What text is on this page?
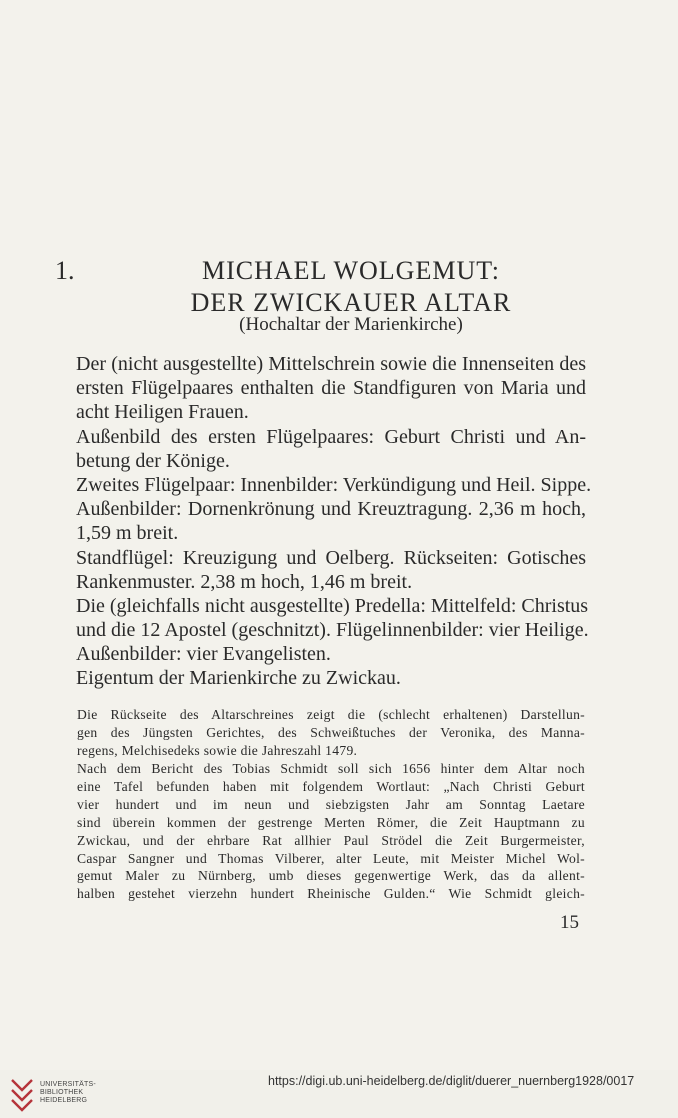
1.	MICHAEL WOLGEMUT:
DER ZWICKAUER ALTAR
(Hochaltar der Marienkirche)
Der (nicht ausgestellte) Mittelschrein sowie die Innenseiten des
ersten Flügelpaares enthalten die Standfiguren von Maria und
acht Heiligen Frauen.
Außenbild des ersten Flügelpaares: Geburt Christi und An-
betung der Könige.
Zweites Flügelpaar: Innenbilder: Verkündigung und Heil. Sippe.
Außenbilder: Dornenkrönung und Kreuztragung. 2,36 m hoch,
1,59 m breit.
Standflügel: Kreuzigung und Oelberg. Rückseiten: Gotisches
Rankenmuster. 2,38 m hoch, 1,46 m breit.
Die (gleichfalls nicht ausgestellte) Predella: Mittelfeld: Christus
und die 12 Apostel (geschnitzt). Flügelinnenbilder: vier Heilige.
Außenbilder: vier Evangelisten.
Eigentum der Marienkirche zu Zwickau.
Die Rückseite des Altarschreines zeigt die (schlecht erhaltenen) Darstellun-
gen des Jüngsten Gerichtes, des Schweißtuches der Veronika, des Manna-
regens, Melchisedeks sowie die Jahreszahl 1479.
Nach dem Bericht des Tobias Schmidt soll sich 1656 hinter dem Altar noch
eine Tafel befunden haben mit folgendem Wortlaut: „Nach Christi Geburt
vier hundert und im neun und siebzigsten Jahr am Sonntag Laetare
sind überein kommen der gestrenge Merten Römer, die Zeit Hauptmann zu
Zwickau, und der ehrbare Rat allhier Paul Strödel die Zeit Burgermeister,
Caspar Sangner und Thomas Vilberer, alter Leute, mit Meister Michel Wol-
gemut Maler zu Nürnberg, umb dieses gegenwertige Werk, das da allent-
halben gestehet vierzehn hundert Rheinische Gulden.“ Wie Schmidt gleich-
15
UNIVERSITÄTS-
BIBLIOTHEK
HEIDELBERG
https://digi.ub.uni-heidelberg.de/diglit/duerer_nuernberg1928/0017
